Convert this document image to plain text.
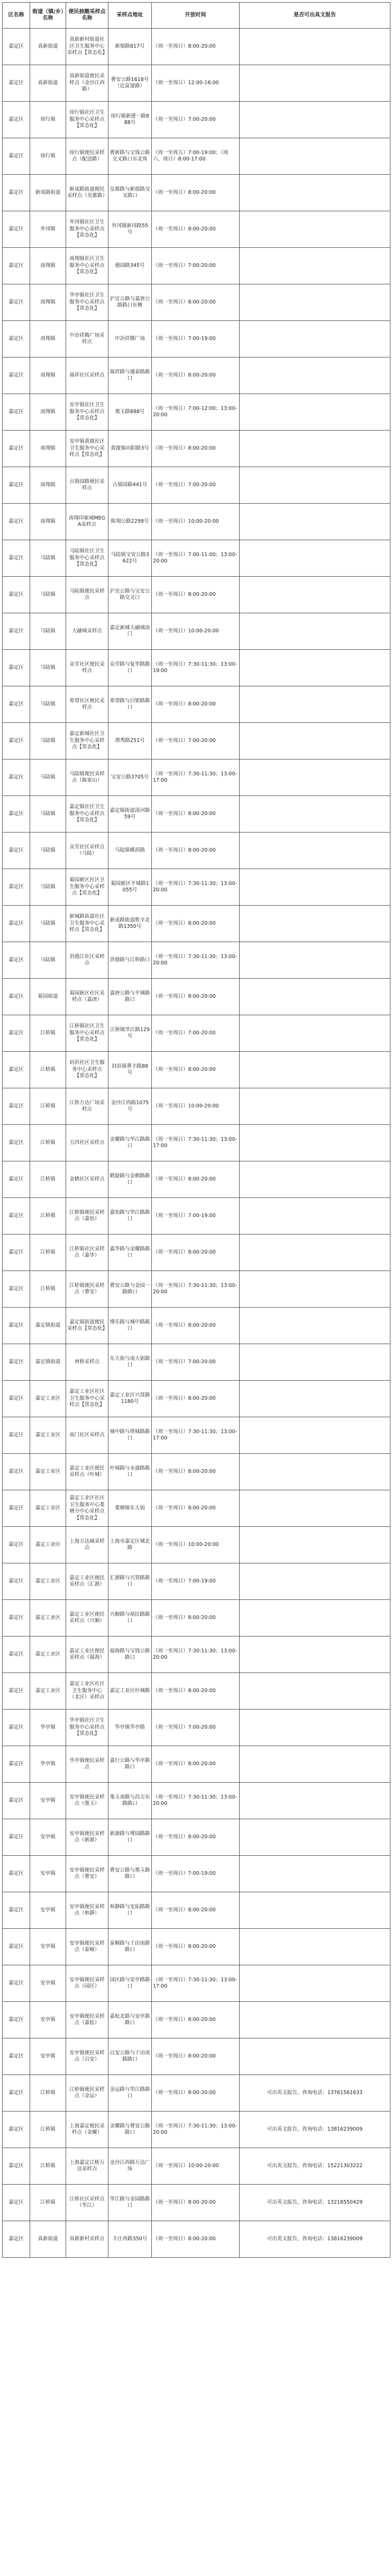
区名称	街道（镇/乡）名称	便民核酸采样点名称	采样点地址	开放时间	是否可出具文报告
嘉定区	真新街道	真新新村街道社区卫生服务中心采样点【常态化】	新郁路817号	（周一至周日）8:00-20:00	
嘉定区	真新街道	真新街道便民采样点（金沙江西路）	曹安公路1618号（近富建路）	（周一至周日）12:00-16:00	
嘉定区	徐行镇	徐行镇社区卫生服务中心采样点【常态化】	徐行镇新建一路888号	（周一至周日）7:00-20:00	
嘉定区	徐行镇	徐行镇便民采样点（配送路）	曹新路与宝钱公路交叉路口东北角	（周一至周五）7:00-19:00；（周六、周日）8:00-17:00	
嘉定区	新成路街道	新成路街道便民采样点（皇都路）	皇都路与新郁路交叉路口	（周一至周日）8:00-20:00	
嘉定区	外冈镇	外冈镇社区卫生服务中心采样点【常态化】	外冈镇新冈路55号	（周一至周日）8:00-20:00	
嘉定区	南翔镇	南翔镇社区卫生服务中心采样点【常态化】	德园路345号	（周一至周日）7:00-20:00	
嘉定区	南翔镇	华亭镇社区卫生服务中心采样点【常态化】	沪宜公路与嘉唐公路路口东侧	（周一至周日）8:00-20:00	
嘉定区	南翔镇	中冶祥腾广场采样点	中冶祥腾广场	（周一至周日）7:00-19:00	
嘉定区	南翔镇	瑞祥社区采样点	瑞祥路与通泰路路口	（周一至周日）8:00-20:00	
嘉定区	南翔镇	安亭镇社区卫生服务中心采样点【常态化】	墨玉路888号	（周一至周日）7:00-12:00；13:00-20:00	
嘉定区	南翔镇	安亭镇黄渡社区卫生服务中心采样点【常态化】	黄渡镇向阳路3号	（周一至周日）8:00-20:00	
嘉定区	南翔镇	古猗园路便民采样点	古猗园路441号	（周一至周日）7:00-20:00	
嘉定区	南翔镇	南翔印象城MEGA采样点	陈翔公路2299号	（周一至周日）10:00-20:00	
嘉定区	马陆镇	马陆镇社区卫生服务中心采样点【常态化】	马陆镇宝安公路3622号	（周一至周日）7:00-11:00；13:00-20:00	
嘉定区	马陆镇	马陆镇便民采样点	沪宜公路与宝安公路交叉口	（周一至周日）8:00-20:00	
嘉定区	马陆镇	大融城采样点	嘉定新城大融城南门	（周一至周日）10:00-20:00	
嘉定区	马陆镇	众芳社区便民采样点	众芳路与复华路路口	（周一至周日）7:30-11:30；13:00-19:00	
嘉定区	马陆镇	希望社区便民采样点	希望路与白银路路口	（周一至周日）8:00-20:00	
嘉定区	马陆镇	嘉定新城社区卫生服务中心采样点【常态化】	塔秀路251号	（周一至周日）7:00-20:00	
嘉定区	马陆镇	马陆镇便民采样点（陈家山）	宝安公路3705号	（周一至周日）7:30-11:30；13:00-17:00	
嘉定区	马陆镇	嘉定镇社区卫生服务中心采样点【常态化】	嘉定镇街道清河路59号	（周一至周日）8:00-20:00	
嘉定区	马陆镇	众芳社区采样点（马陆）	马陆镇横沥路	（周一至周日）8:00-20:00	
嘉定区	马陆镇	菊园新区社区卫生服务中心采样点【常态化】	菊园新区平城路1055号	（周一至周日）7:30-11:30；13:00-20:00	
嘉定区	马陆镇	新城路街道社区卫生服务中心采样点【常态化】	新成路街道胜辛北路1350号	（周一至周日）8:00-20:00	
嘉定区	马陆镇	洪德江社区采样点	洪德路与江桥路口	（周一至周日）7:30-11:30；13:00-20:00	
嘉定区	菊园街道	菊园新区社区采样点（嘉唐）	嘉唐公路与平城路路口	（周一至周日）8:00-20:00	
嘉定区	江桥镇	江桥镇社区卫生服务中心采样点【常态化】	江桥镇华江路129号	（周一至周日）7:00-20:00	
嘉定区	江桥镇	封浜社区卫生服务中心采样点【常态化】	封浜镇曹丰路88号	（周一至周日）8:00-20:00	
嘉定区	江桥镇	江桥万达广场采样点	金沙江西路1075号	（周一至周日）10:00-20:00	
嘉定区	江桥镇	五四社区采样点	金耀路与华江路路口	（周一至周日）7:30-11:30；13:00-17:00	
嘉定区	江桥镇	金鹤社区采样点	鹤旋路与金鹤路路口	（周一至周日）8:00-20:00	
嘉定区	江桥镇	江桥镇便民采样点（嘉怡）	嘉怡路与华江路路口	（周一至周日）7:00-19:00	
嘉定区	江桥镇	江桥镇社区采样点（嘉华）	嘉华路与金耀路路口	（周一至周日）8:00-20:00	
嘉定区	江桥镇	江桥镇便民采样点（曹安）	曹安公路与金园一路路口	（周一至周日）7:30-11:30；13:00-20:00	
嘉定区	嘉定镇街道	嘉定镇街道便民采样点【常态化】	博乐路与城中路路口	（周一至周日）8:00-20:00	
嘉定区	嘉定镇街道	州桥采样点	东大街与南大街路口	（周一至周日）7:00-20:00	
嘉定区	嘉定工业区	嘉定工业区社区卫生服务中心采样点【常态化】	嘉定工业区兴贤路1180号	（周一至周日）8:00-20:00	
嘉定区	嘉定工业区	南门社区采样点	城中路与塔城路路口	（周一至周日）7:30-11:30；13:00-17:00	
嘉定区	嘉定工业区	嘉定工业区便民采样点（叶城）	叶城路与永盛路路口	（周一至周日）8:00-20:00	
嘉定区	嘉定工业区	嘉定工业区社区卫生服务中心娄塘分中心采样点【常态化】	娄塘镇东大街	（周一至周日）8:00-20:00	
嘉定区	嘉定工业区	上海万达城采样点	上海市嘉定区城北路	（周一至周日）10:00-20:00	
嘉定区	嘉定工业区	嘉定工业区便民采样点（汇源）	汇源路与兴贤路路口	（周一至周日）7:00-19:00	
嘉定区	嘉定工业区	嘉定工业区便民采样点（兴顺）	兴顺路与裕民路路口	（周一至周日）8:00-20:00	
嘉定区	嘉定工业区	嘉定工业区便民采样点（福海）	福海路与宝钱公路路口	（周一至周日）7:30-11:30；13:00-20:00	
嘉定区	嘉定工业区	嘉定工业区社区卫生服务中心（北区）采样点	嘉定工业区叶城路	（周一至周日）8:00-20:00	
嘉定区	华亭镇	华亭镇社区卫生服务中心采样点【常态化】	华亭镇华亭路	（周一至周日）7:00-20:00	
嘉定区	华亭镇	华亭镇便民采样点	嘉行公路与华亭路路口	（周一至周日）8:00-20:00	
嘉定区	安亭镇	安亭镇便民采样点（墨玉）	墨玉南路与昌吉东路路口	（周一至周日）7:30-11:30；13:00-20:00	
嘉定区	安亭镇	安亭镇便民采样点（新源）	新源路与博园路路口	（周一至周日）8:00-20:00	
嘉定区	安亭镇	安亭镇便民采样点（曹安）	曹安公路与墨玉路路口	（周一至周日）7:00-19:00	
嘉定区	安亭镇	安亭镇便民采样点（和静）	和静路与安拓路路口	（周一至周日）8:00-20:00	
嘉定区	安亭镇	安亭镇便民采样点（泰顺）	泰顺路与于田南路路口	（周一至周日）8:00-20:00	
嘉定区	安亭镇	安亭镇便民采样点（园区）	园区路与安亭路路口	（周一至周日）7:30-11:30；13:00-17:00	
嘉定区	安亭镇	安亭镇便民采样点（嘉松）	嘉松北路与安亭路路口	（周一至周日）8:00-20:00	
嘉定区	安亭镇	安亭镇便民采样点（百安）	百安公路与于田南路路口	（周一至周日）8:00-20:00	
嘉定区	江桥镇	江桥镇便民采样点（金运）	金运路与华江路路口	（周一至周日）8:00-20:00	可出英文报告，咨询电话：13761561633
嘉定区	江桥镇	上海嘉定便民采样点（金耀）	金耀路与曹安公路路口	（周一至周日）7:30-11:30；13:00-20:00	可出英文报告，咨询电话：13816239009
嘉定区	江桥镇	上海嘉定江桥万达采样点	金沙江西路万达广场	（周一至周日）10:00-20:00	可出英文报告，咨询电话：15221303222
嘉定区	江桥镇	江桥社区采样点（华江）	华江路与金园路路口	（周一至周日）8:00-20:00	可出英文报告，咨询电话：13218550429
嘉定区	真新街道	真新新村采样点	丰庄西路350号	（周一至周日）8:00-20:00	可出英文报告，咨询电话：13816239009
